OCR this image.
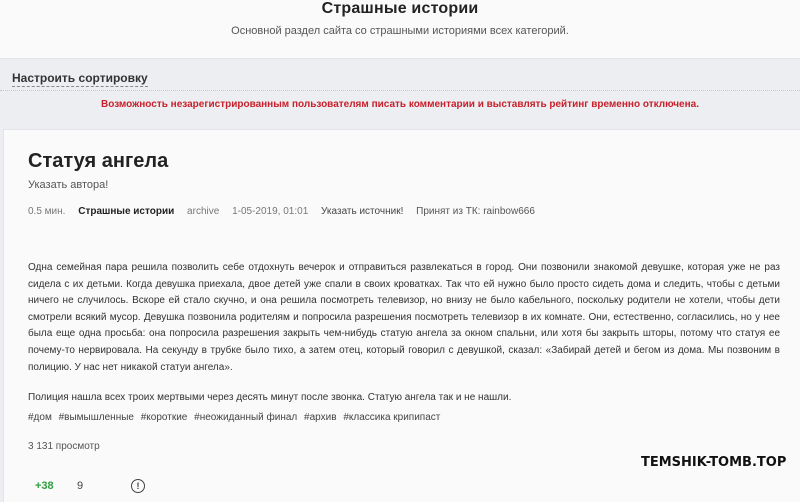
Страшные истории
Основной раздел сайта со страшными историями всех категорий.
Настроить сортировку
Возможность незарегистрированным пользователям писать комментарии и выставлять рейтинг временно отключена.
Статуя ангела
Указать автора!
0.5 мин. Страшные истории archive 1-05-2019, 01:01 Указать источник! Принят из ТК: rainbow666

Одна семейная пара решила позволить себе отдохнуть вечерок и отправиться развлекаться в город. Они позвонили знакомой девушке, которая уже не раз сидела с их детьми. Когда девушка приехала, двое детей уже спали в своих кроватках. Так что ей нужно было просто сидеть дома и следить, чтобы с детьми ничего не случилось. Вскоре ей стало скучно, и она решила посмотреть телевизор, но внизу не было кабельного, поскольку родители не хотели, чтобы дети смотрели всякий мусор. Девушка позвонила родителям и попросила разрешения посмотреть телевизор в их комнате. Они, естественно, согласились, но у нее была еще одна просьба: она попросила разрешения закрыть чем-нибудь статую ангела за окном спальни, или хотя бы закрыть шторы, потому что статуя ее почему-то нервировала. На секунду в трубке было тихо, а затем отец, который говорил с девушкой, сказал: «Забирай детей и бегом из дома. Мы позвоним в полицию. У нас нет никакой статуи ангела».

Полиция нашла всех троих мертвыми через десять минут после звонка. Статую ангела так и не нашли.

#дом #вымышленные #короткие #неожиданный финал #архив #классика крипипаст
3 131 просмотр
+38 9	!
TEMSHIK-TOMB.TOP
